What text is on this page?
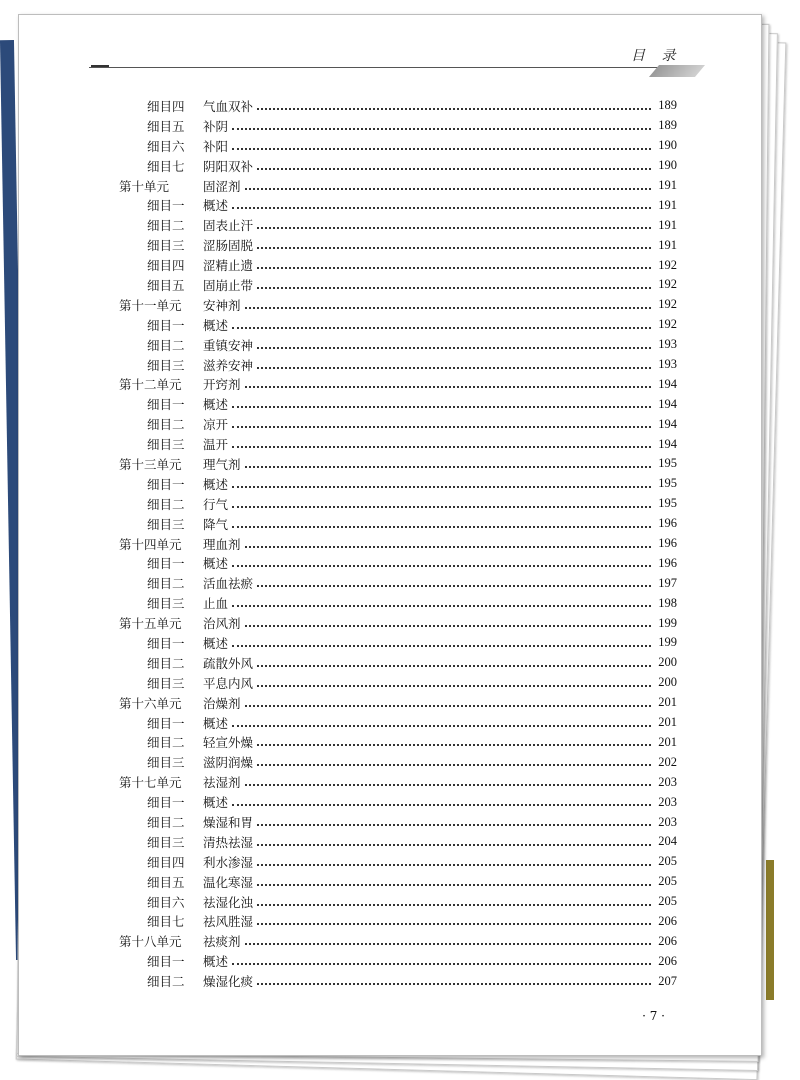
目 录
细目四	气血双补	189
细目五	补阴	189
细目六	补阳	190
细目七	阴阳双补	190
第十单元	固涩剂	191
细目一	概述	191
细目二	固表止汗	191
细目三	涩肠固脱	191
细目四	涩精止遗	192
细目五	固崩止带	192
第十一单元	安神剂	192
细目一	概述	192
细目二	重镇安神	193
细目三	滋养安神	193
第十二单元	开窍剂	194
细目一	概述	194
细目二	凉开	194
细目三	温开	194
第十三单元	理气剂	195
细目一	概述	195
细目二	行气	195
细目三	降气	196
第十四单元	理血剂	196
细目一	概述	196
细目二	活血祛瘀	197
细目三	止血	198
第十五单元	治风剂	199
细目一	概述	199
细目二	疏散外风	200
细目三	平息内风	200
第十六单元	治燥剂	201
细目一	概述	201
细目二	轻宣外燥	201
细目三	滋阴润燥	202
第十七单元	祛湿剂	203
细目一	概述	203
细目二	燥湿和胃	203
细目三	清热祛湿	204
细目四	利水渗湿	205
细目五	温化寒湿	205
细目六	祛湿化浊	205
细目七	祛风胜湿	206
第十八单元	祛痰剂	206
细目一	概述	206
细目二	燥湿化痰	207
· 7 ·
